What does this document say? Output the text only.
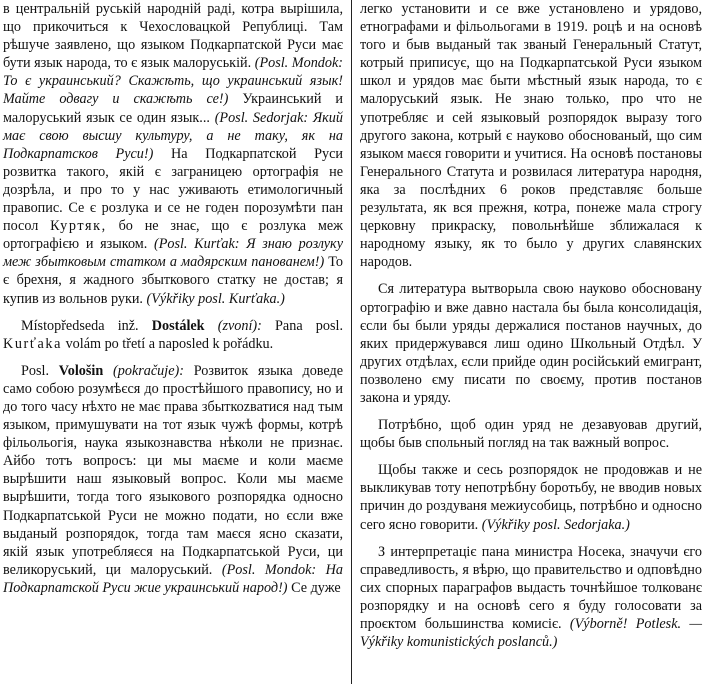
в центральній руській народній раді, котра вырішила, що прикочиться к Чехословацкой Републиці. Там рѣшуче заявлено, що языком Подкарпатской Руси має бути язык народа, то є язык малоруській. (Posl. Mondok: То є украинський? Скажѣть, що украинський язык! Майте одвагу и скажѣть се!) Украинський и малоруський язык се один язык... (Posl. Sedorjak: Який має свою высшу культуру, а не таку, як на Подкарпатсков Руси!) На Подкарпатской Руси розвитка такого, якій є заграницею ортографія не дозрѣла, и про то у нас уживають етимологичный правопис. Се є розлука и се не годен порозумѣти пан посол Куртяк, бо не знає, що є розлука меж ортографією и языком. (Posl. Kurťak: Я знаю розлуку меж збытковым статком а мадярским панованем!) То є брехня, я жадного збыткового статку не достав; я купив из вольнов руки. (Výkřiky posl. Kurťaka.)

Místopředseda inž. Dostálek (zvoní): Pana posl. Kurťaka volám po třetí a naposled k pořádku.

Posl. Vološin (pokračuje): Розвиток языка доведе само собою розумѣєся до простѣйшого правопису, но и до того часу нѣхто не має права збыткоzватися над тым языком, примушувати на тот язык чужѣ формы, котрѣ фільольогія, наука языкознавства нѣколи не признає. Айбо тотъ вопросъ: ци мы маєме и коли маєме вырѣшити наш языковый вопрос. Коли мы маєме вырѣшити, тогда того языкового розпорядка односно Подкарпатськой Руси не можно подати, но єсли вже выданый розпорядок, тогда там маєся ясно сказати, якій язык употребляєся на Подкарпатськой Руси, ци великоруський, ци малоруський. (Posl. Mondok: На Подкарпатской Руси жие украинський народ!) Се дуже

легко установити и се вже установлено и урядово, етнографами и фільольогами в 1919. роцѣ и на основѣ того и быв выданый так званый Генеральный Статут, котрый приписує, що на Подкарпатськой Руси языком школ и урядов має быти мѣстный язык народа, то є малоруський язык. Не знаю только, про что не употребляє и сей языковый розпорядок выразу того другого закона, котрый є науково обоснованый, що сим языком маєся говорити и учитися. На основѣ постановы Генерального Статута и розвилася литература народня, яка за послѣдних 6 роков представляє больше результата, як вся прежня, котра, понеже мала строгу церковну прикраску, повольнѣйше зближалася к народному языку, як то было у других славянских народов.

Ся литература вытворыла свою науково обоснованy ортографію и вже давно настала бы была консолидація, єсли бы были уряды держалися постанов научных, до яких придержувався лиш одино Школьный Отдѣл. У других отдѣлах, єсли прийде один російський емигрант, позволено єму писати по своєму, против постанов закона и уряду.

Потрѣбно, щоб один уряд не дезавуовав другий, щобы быв спольный погляд на так важный вопрос.

Щобы также и сесь розпорядок не продовжав и не выкликував тоту непотрѣбну боротьбу, не вводив новых причин до роздуваня межиусобиць, потрѣбно и односно сего ясно говорити. (Výkřiky posl. Sedorjaka.)

З интерпретаціє пана министра Носека, значучи єго справедливость, я вѣрю, що правительство и одповѣдно сих спорных параграфов выдасть точнѣйшое толкованє розпорядку и на основѣ сего я буду голосовати за проєктом большинства комисіє. (Výborně! Potlesk. — Výkřiky komunistických poslanců.)
